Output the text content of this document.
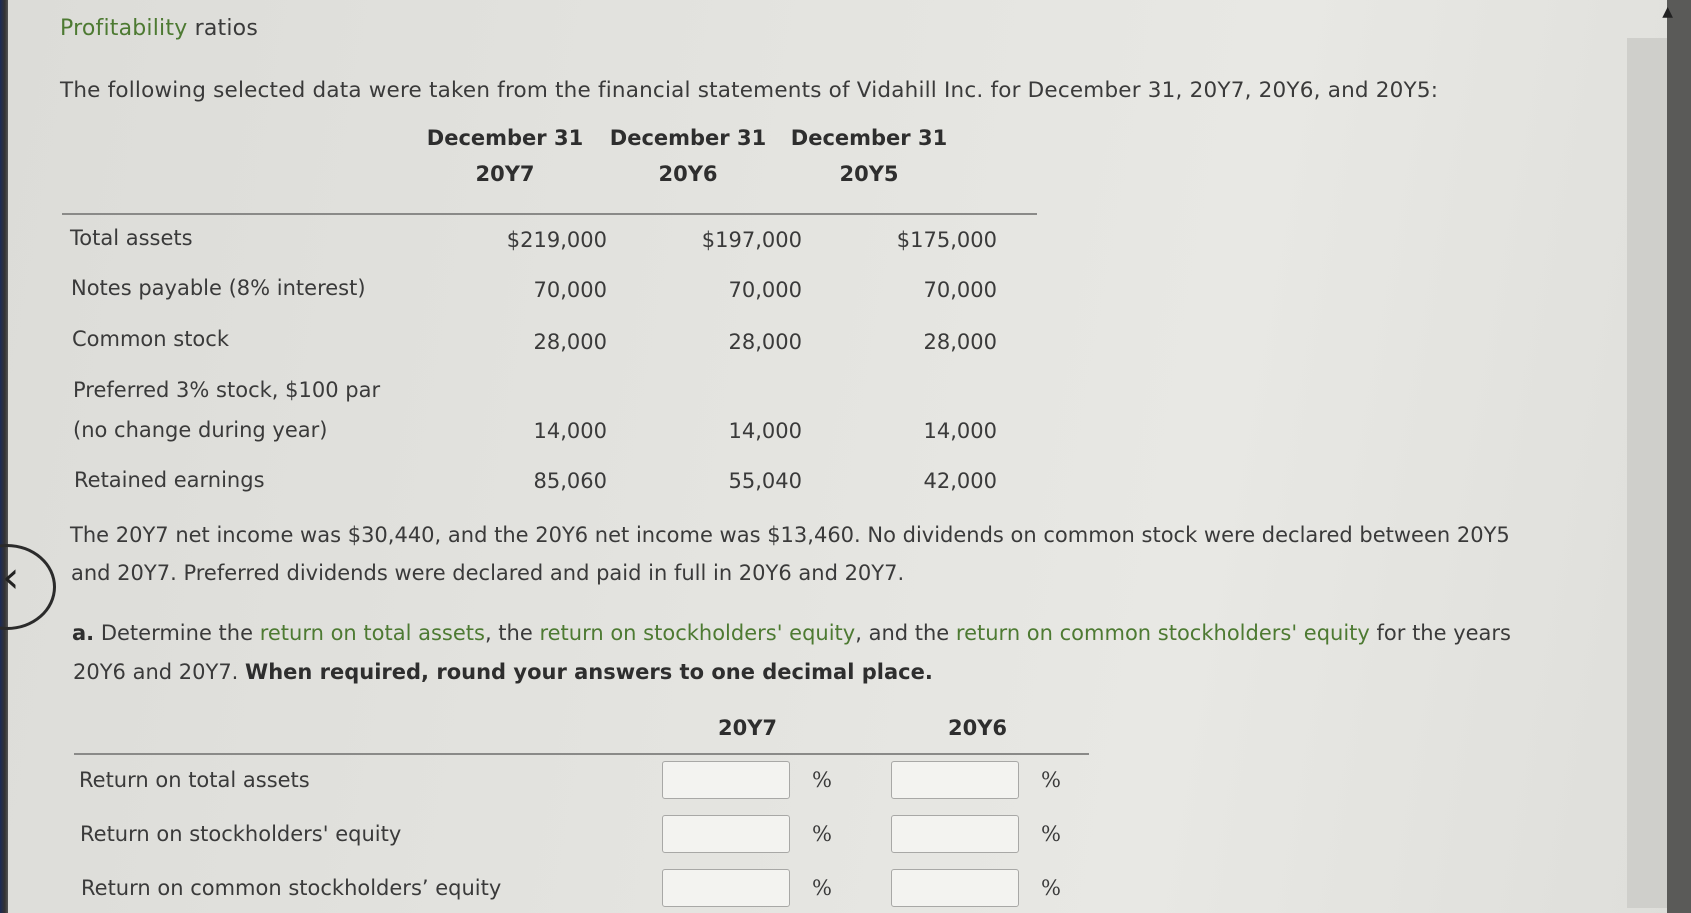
Profitability ratios
The following selected data were taken from the financial statements of Vidahill Inc. for December 31, 20Y7, 20Y6, and 20Y5:
December 31
20Y7
December 31
20Y6
December 31
20Y5
Total assets	$219,000	$197,000	$175,000
Notes payable (8% interest)	70,000	70,000	70,000
Common stock	28,000	28,000	28,000
Preferred 3% stock, $100 par
(no change during year)	14,000	14,000	14,000
Retained earnings	85,060	55,040	42,000
The 20Y7 net income was $30,440, and the 20Y6 net income was $13,460. No dividends on common stock were declared between 20Y5
and 20Y7. Preferred dividends were declared and paid in full in 20Y6 and 20Y7.
a. Determine the return on total assets, the return on stockholders' equity, and the return on common stockholders' equity for the years
20Y6 and 20Y7. When required, round your answers to one decimal place.
20Y7	20Y6
Return on total assets	%	%
Return on stockholders' equity	%	%
Return on common stockholders’ equity	%	%
‹
▲
